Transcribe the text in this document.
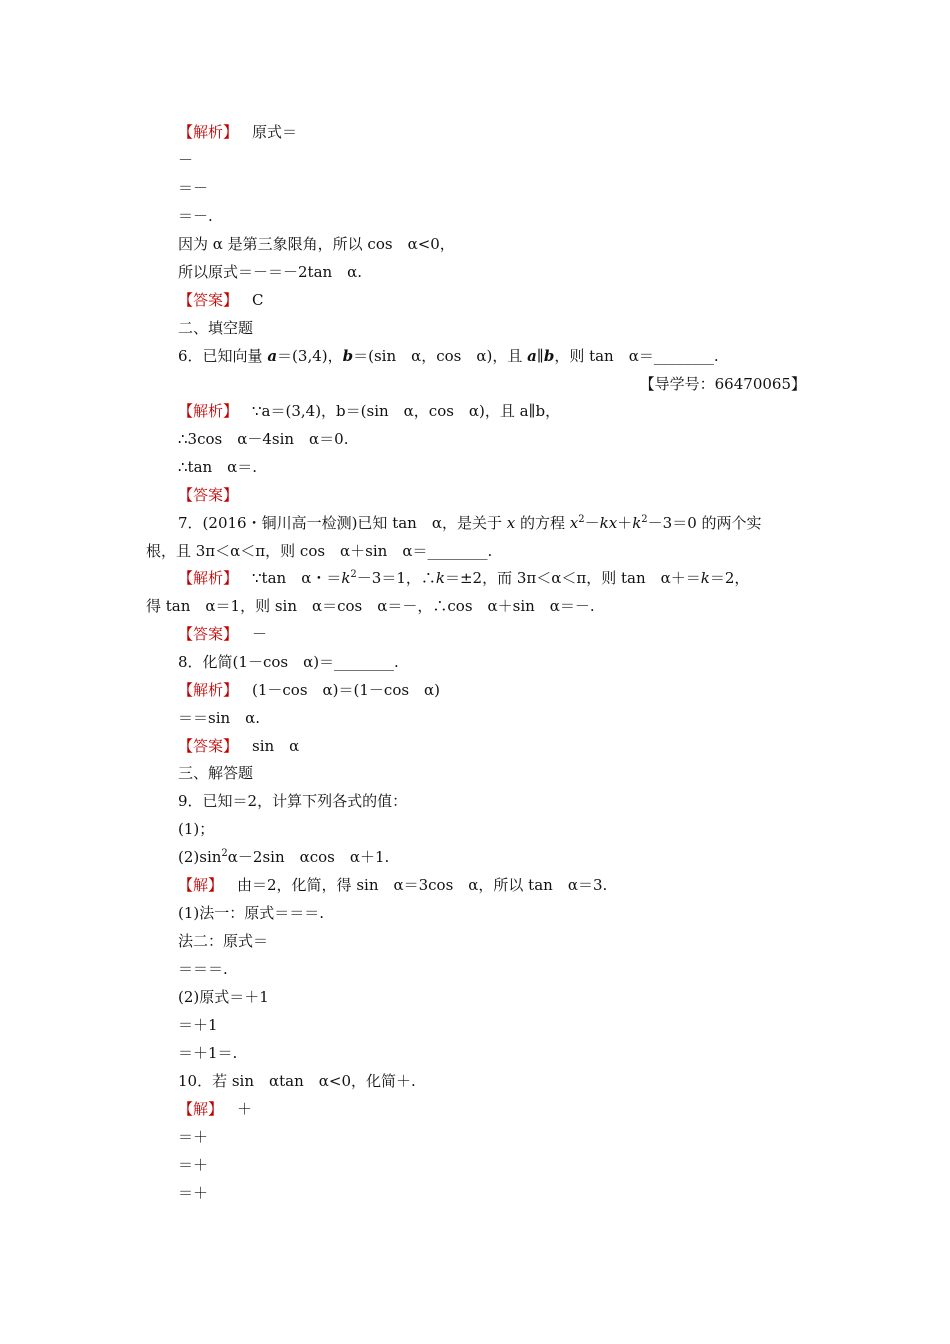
【解析】 原式＝
－
＝－
＝－.
因为 α 是第三象限角，所以 cos　α<0，
所以原式＝－＝－2tan　α.
【答案】 C
二、填空题
【解析】 ∵a＝(3,4)，b＝(sin　α，cos　α)，且 a∥b，
∴3cos　α－4sin　α＝0.
∴tan　α＝.
【答案】
得 tan　α＝1，则 sin　α＝cos　α＝－，∴cos　α＋sin　α＝－.
【答案】 －
8．化简(1－cos　α)＝________.
【解析】 (1－cos　α)＝(1－cos　α)
＝＝sin　α.
【答案】 sin　α
三、解答题
9．已知＝2，计算下列各式的值：
(1)；
【解】 由＝2，化简，得 sin　α＝3cos　α，所以 tan　α＝3.
(1)法一：原式＝＝＝.
法二：原式＝
＝＝＝.
(2)原式＝＋1
＝＋1
＝＋1＝.
10．若 sin　αtan　α<0，化简＋.
【解】 ＋
＝＋
＝＋
＝＋
6．已知向量 a＝(3,4)，b＝(sin　α，cos　α)，且 a∥b，则 tan　α＝________.
【导学号：66470065】
7．(2016・铜川高一检测)已知 tan　α，是关于 x 的方程 $x^2-kx+k^2-3=0$ 的两个实
根，且 3π＜α＜π，则 cos　α＋sin　α＝________.
【解析】 ∵tan　α・$=k^2-3=1$，∴k＝±2，而 3π＜α＜π，则 tan　α＋＝k＝2，
$(2)\sin^2\alpha-2\sin$　αcos　α＋1.
